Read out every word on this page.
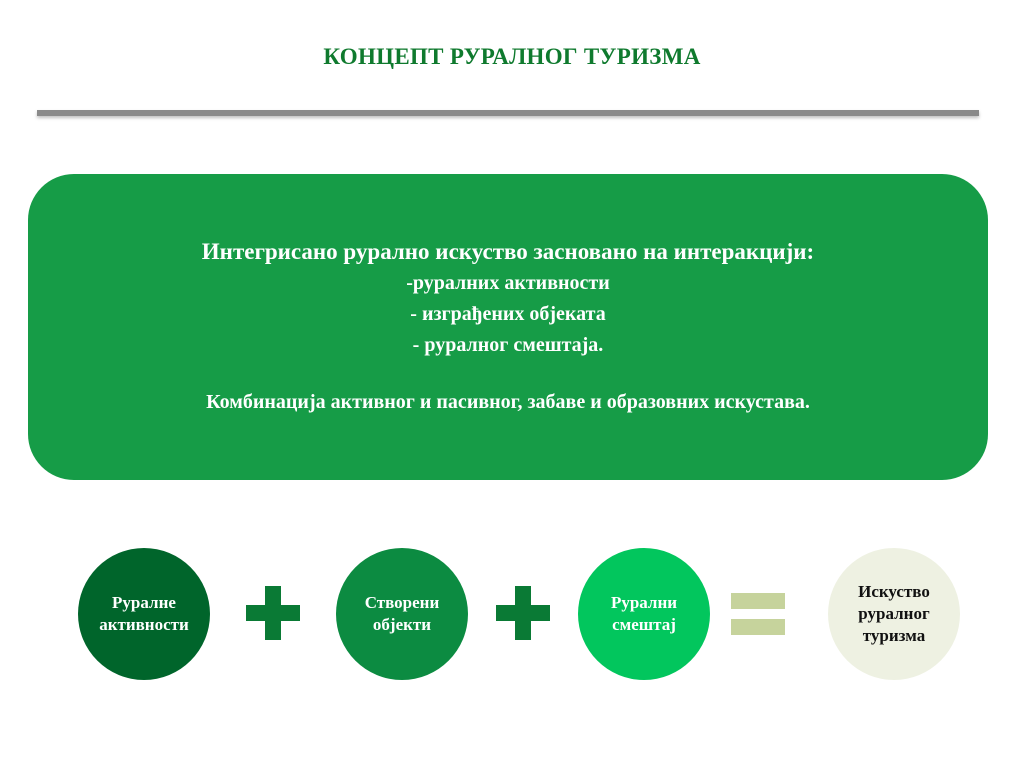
КОНЦЕПТ РУРАЛНОГ ТУРИЗМА
Интегрисано рурално искуство засновано на интеракцији:
-руралних активности
- изграђених објеката
- руралног смештаја.
Комбинација активног и пасивног, забаве и образовних искустава.
Руралне
активности
Створени
објекти
Рурални
смештај
Искуство
руралног
туризма
